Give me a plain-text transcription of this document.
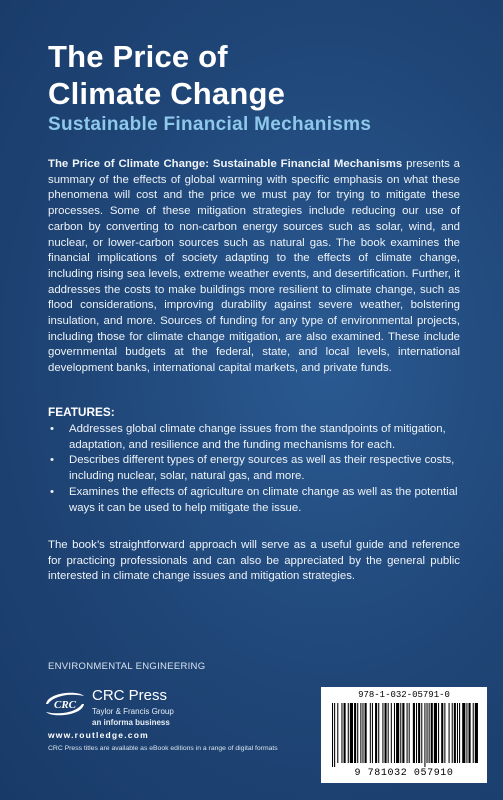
The Price of
Climate Change
Sustainable Financial Mechanisms
The Price of Climate Change: Sustainable Financial Mechanisms presents a summary of the effects of global warming with specific emphasis on what these phenomena will cost and the price we must pay for trying to mitigate these processes. Some of these mitigation strategies include reducing our use of carbon by converting to non-carbon energy sources such as solar, wind, and nuclear, or lower-carbon sources such as natural gas. The book examines the financial implications of society adapting to the effects of climate change, including rising sea levels, extreme weather events, and desertification. Further, it addresses the costs to make buildings more resilient to climate change, such as flood considerations, improving durability against severe weather, bolstering insulation, and more. Sources of funding for any type of environmental projects, including those for climate change mitigation, are also examined. These include governmental budgets at the federal, state, and local levels, international development banks, international capital markets, and private funds.
FEATURES:
• Addresses global climate change issues from the standpoints of mitigation, adaptation, and resilience and the funding mechanisms for each.
• Describes different types of energy sources as well as their respective costs, including nuclear, solar, natural gas, and more.
• Examines the effects of agriculture on climate change as well as the potential ways it can be used to help mitigate the issue.
The book’s straightforward approach will serve as a useful guide and reference for practicing professionals and can also be appreciated by the general public interested in climate change issues and mitigation strategies.
ENVIRONMENTAL ENGINEERING
CRC
CRC Press
Taylor & Francis Group
an informa business
www.routledge.com
CRC Press titles are available as eBook editions in a range of digital formats
978-1-032-05791-0
9 781032 057910
